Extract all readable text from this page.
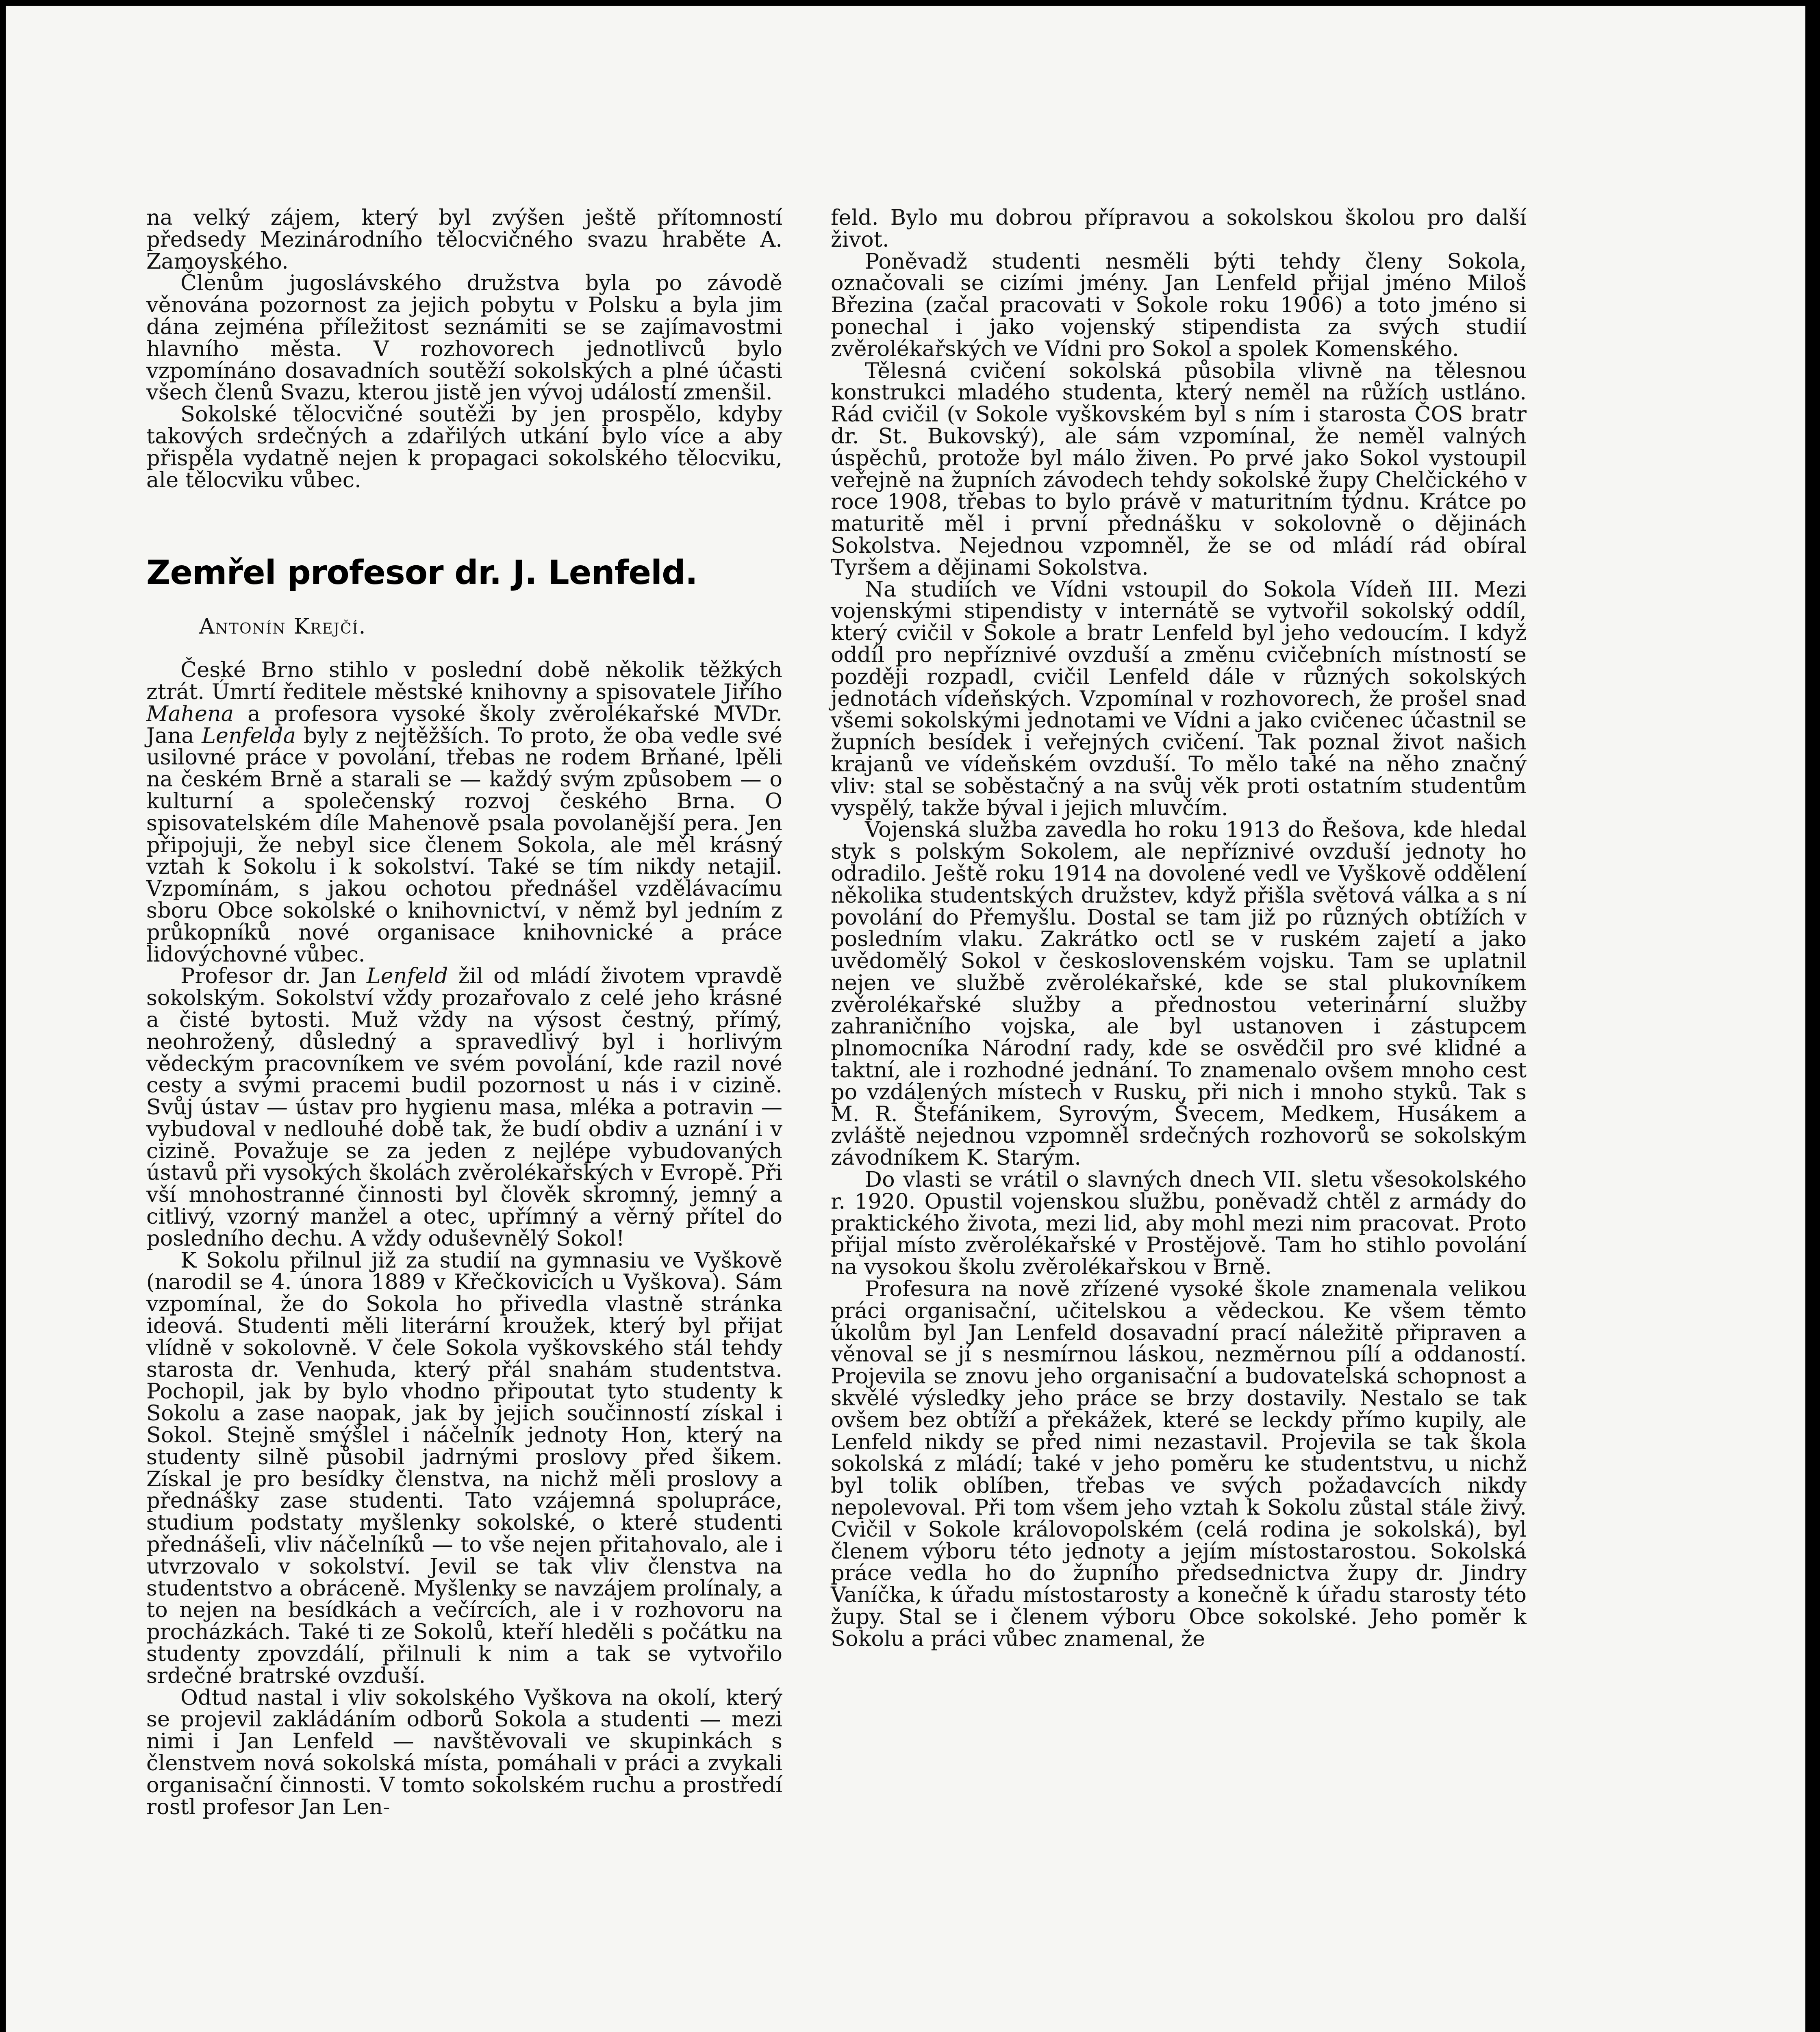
na velký zájem, který byl zvýšen ještě přítomností předsedy Mezinárodního tělocvičného svazu hraběte A. Zamoyského.

Členům jugoslávského družstva byla po závodě věnována pozornost za jejich pobytu v Polsku a byla jim dána zejména příležitost seznámiti se se zajímavostmi hlavního města. V rozhovorech jednotlivců bylo vzpomínáno dosavadních soutěží sokolských a plné účasti všech členů Svazu, kterou jistě jen vývoj událostí zmenšil.

Sokolské tělocvičné soutěži by jen prospělo, kdyby takových srdečných a zdařilých utkání bylo více a aby přispěla vydatně nejen k propagaci sokolského tělocviku, ale tělocviku vůbec.

Zemřel profesor dr. J. Lenfeld.
Antonín Krejčí.

České Brno stihlo v poslední době několik těžkých ztrát. Úmrtí ředitele městské knihovny a spisovatele Jiřího Mahena a profesora vysoké školy zvěrolékařské MVDr. Jana Lenfelda byly z nejtěžších. To proto, že oba vedle své usilovné práce v povolání, třebas ne rodem Brňané, lpěli na českém Brně a starali se — každý svým způsobem — o kulturní a společenský rozvoj českého Brna. O spisovatelském díle Mahenově psala povolanější pera. Jen připojuji, že nebyl sice členem Sokola, ale měl krásný vztah k Sokolu i k sokolství. Také se tím nikdy netajil. Vzpomínám, s jakou ochotou přednášel vzdělávacímu sboru Obce sokolské o knihovnictví, v němž byl jedním z průkopníků nové organisace knihovnické a práce lidovýchovné vůbec.

Profesor dr. Jan Lenfeld žil od mládí životem vpravdě sokolským. Sokolství vždy prozařovalo z celé jeho krásné a čisté bytosti. Muž vždy na výsost čestný, přímý, neohrožený, důsledný a spravedlivý byl i horlivým vědeckým pracovníkem ve svém povolání, kde razil nové cesty a svými pracemi budil pozornost u nás i v cizině. Svůj ústav — ústav pro hygienu masa, mléka a potravin — vybudoval v nedlouhé době tak, že budí obdiv a uznání i v cizině. Považuje se za jeden z nejlépe vybudovaných ústavů při vysokých školách zvěrolékařských v Evropě. Při vší mnohostranné činnosti byl člověk skromný, jemný a citlivý, vzorný manžel a otec, upřímný a věrný přítel do posledního dechu. A vždy oduševnělý Sokol!

K Sokolu přilnul již za studií na gymnasiu ve Vyškově (narodil se 4. února 1889 v Křečkovicích u Vyškova). Sám vzpomínal, že do Sokola ho přivedla vlastně stránka ideová. Studenti měli literární kroužek, který byl přijat vlídně v sokolovně. V čele Sokola vyškovského stál tehdy starosta dr. Venhuda, který přál snahám studentstva. Pochopil, jak by bylo vhodno připoutat tyto studenty k Sokolu a zase naopak, jak by jejich součinností získal i Sokol. Stejně smýšlel i náčelník jednoty Hon, který na studenty silně působil jadrnými proslovy před šikem. Získal je pro besídky členstva, na nichž měli proslovy a přednášky zase studenti. Tato vzájemná spolupráce, studium podstaty myšlenky sokolské, o které studenti přednášeli, vliv náčelníků — to vše nejen přitahovalo, ale i utvrzovalo v sokolství. Jevil se tak vliv členstva na studentstvo a obráceně. Myšlenky se navzájem prolínaly, a to nejen na besídkách a večírcích, ale i v rozhovoru na procházkách. Také ti ze Sokolů, kteří hleděli s počátku na studenty zpovzdálí, přilnuli k nim a tak se vytvořilo srdečné bratrské ovzduší.

Odtud nastal i vliv sokolského Vyškova na okolí, který se projevil zakládáním odborů Sokola a studenti — mezi nimi i Jan Lenfeld — navštěvovali ve skupinkách s členstvem nová sokolská místa, pomáhali v práci a zvykali organisační činnosti. V tomto sokolském ruchu a prostředí rostl profesor Jan Len-

feld. Bylo mu dobrou přípravou a sokolskou školou pro další život.

Poněvadž studenti nesměli býti tehdy členy Sokola, označovali se cizími jmény. Jan Lenfeld přijal jméno Miloš Březina (začal pracovati v Sokole roku 1906) a toto jméno si ponechal i jako vojenský stipendista za svých studií zvěrolékařských ve Vídni pro Sokol a spolek Komenského.

Tělesná cvičení sokolská působila vlivně na tělesnou konstrukci mladého studenta, který neměl na růžích ustláno. Rád cvičil (v Sokole vyškovském byl s ním i starosta ČOS bratr dr. St. Bukovský), ale sám vzpomínal, že neměl valných úspěchů, protože byl málo živen. Po prvé jako Sokol vystoupil veřejně na župních závodech tehdy sokolské župy Chelčického v roce 1908, třebas to bylo právě v maturitním týdnu. Krátce po maturitě měl i první přednášku v sokolovně o dějinách Sokolstva. Nejednou vzpomněl, že se od mládí rád obíral Tyršem a dějinami Sokolstva.

Na studiích ve Vídni vstoupil do Sokola Vídeň III. Mezi vojenskými stipendisty v internátě se vytvořil sokolský oddíl, který cvičil v Sokole a bratr Lenfeld byl jeho vedoucím. I když oddíl pro nepříznivé ovzduší a změnu cvičebních místností se později rozpadl, cvičil Lenfeld dále v různých sokolských jednotách vídeňských. Vzpomínal v rozhovorech, že prošel snad všemi sokolskými jednotami ve Vídni a jako cvičenec účastnil se župních besídek i veřejných cvičení. Tak poznal život našich krajanů ve vídeňském ovzduší. To mělo také na něho značný vliv: stal se soběstačný a na svůj věk proti ostatním studentům vyspělý, takže býval i jejich mluvčím.

Vojenská služba zavedla ho roku 1913 do Řešova, kde hledal styk s polským Sokolem, ale nepříznivé ovzduší jednoty ho odradilo. Ještě roku 1914 na dovolené vedl ve Vyškově oddělení několika studentských družstev, když přišla světová válka a s ní povolání do Přemyšlu. Dostal se tam již po různých obtížích v posledním vlaku. Zakrátko octl se v ruském zajetí a jako uvědomělý Sokol v československém vojsku. Tam se uplatnil nejen ve službě zvěrolékařské, kde se stal plukovníkem zvěrolékařské služby a přednostou veterinární služby zahraničního vojska, ale byl ustanoven i zástupcem plnomocníka Národní rady, kde se osvědčil pro své klidné a taktní, ale i rozhodné jednání. To znamenalo ovšem mnoho cest po vzdálených místech v Rusku, při nich i mnoho styků. Tak s M. R. Štefánikem, Syrovým, Švecem, Medkem, Husákem a zvláště nejednou vzpomněl srdečných rozhovorů se sokolským závodníkem K. Starým.

Do vlasti se vrátil o slavných dnech VII. sletu všesokolského r. 1920. Opustil vojenskou službu, poněvadž chtěl z armády do praktického života, mezi lid, aby mohl mezi nim pracovat. Proto přijal místo zvěrolékařské v Prostějově. Tam ho stihlo povolání na vysokou školu zvěrolékařskou v Brně.

Profesura na nově zřízené vysoké škole znamenala velikou práci organisační, učitelskou a vědeckou. Ke všem těmto úkolům byl Jan Lenfeld dosavadní prací náležitě připraven a věnoval se jí s nesmírnou láskou, nezměrnou pílí a oddaností. Projevila se znovu jeho organisační a budovatelská schopnost a skvělé výsledky jeho práce se brzy dostavily. Nestalo se tak ovšem bez obtíží a překážek, které se leckdy přímo kupily, ale Lenfeld nikdy se před nimi nezastavil. Projevila se tak škola sokolská z mládí; také v jeho poměru ke studentstvu, u nichž byl tolik oblíben, třebas ve svých požadavcích nikdy nepolevoval. Při tom všem jeho vztah k Sokolu zůstal stále živý. Cvičil v Sokole královopolském (celá rodina je sokolská), byl členem výboru této jednoty a jejím místostarostou. Sokolská práce vedla ho do župního předsednictva župy dr. Jindry Vaníčka, k úřadu místostarosty a konečně k úřadu starosty této župy. Stal se i členem výboru Obce sokolské. Jeho poměr k Sokolu a práci vůbec znamenal, že
